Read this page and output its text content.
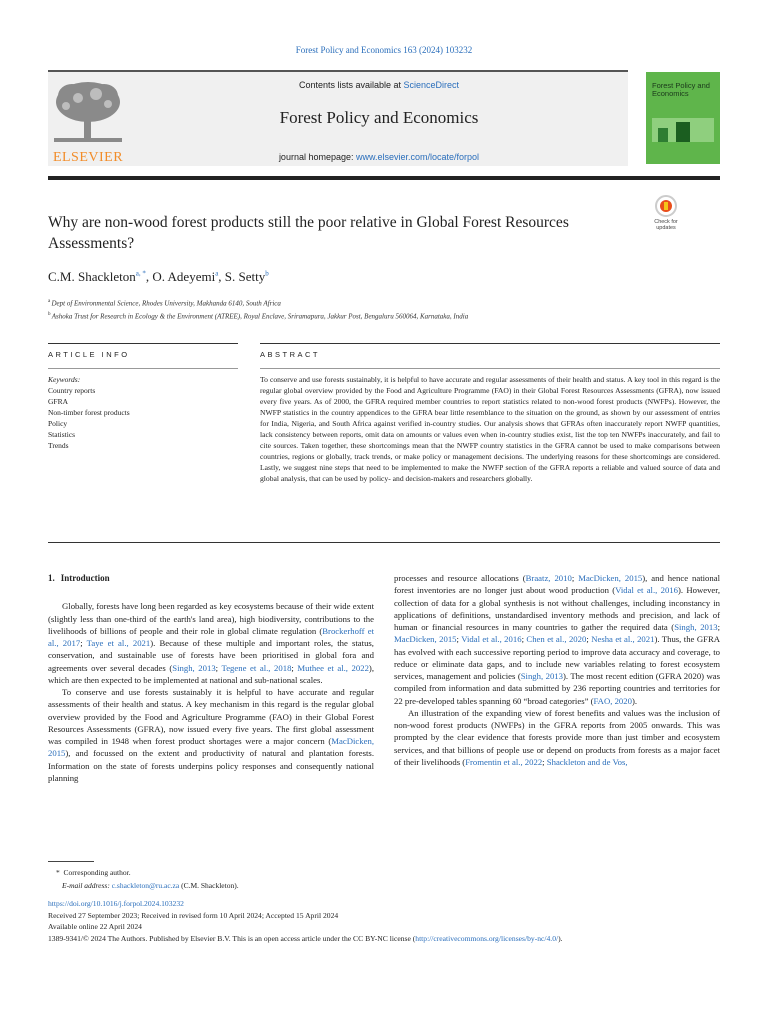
Forest Policy and Economics 163 (2024) 103232
ELSEVIER
Contents lists available at ScienceDirect
Forest Policy and Economics
journal homepage: www.elsevier.com/locate/forpol
Forest Policy and Economics
Why are non-wood forest products still the poor relative in Global Forest Resources Assessments?
Check for updates
C.M. Shackleton$^{a, *}$, O. Adeyemi$^a$, S. Setty$^b$
$^a$ Dept of Environmental Science, Rhodes University, Makhanda 6140, South Africa
$^b$ Ashoka Trust for Research in Ecology & the Environment (ATREE), Royal Enclave, Sriramapura, Jakkur Post, Bengaluru 560064, Karnataka, India
ARTICLE INFO	ABSTRACT
Keywords:
Country reports
GFRA
Non-timber forest products
Policy
Statistics
Trends
To conserve and use forests sustainably, it is helpful to have accurate and regular assessments of their health and status. A key tool in this regard is the regular global overview provided by the Food and Agriculture Programme (FAO) in their Global Forest Resources Assessments (GFRA), now issued every five years. As of 2000, the GFRA required member countries to report statistics related to non-wood forest products (NWFPs). However, the NWFP statistics in the country appendices to the GFRA bear little resemblance to the situation on the ground, as shown by our assessment of entries for India, Nigeria, and South Africa against verified in-country studies. Our analysis shows that GFRAs often inaccurately report NWFP quantities, lack consistency between reports, omit data on amounts or values even when in-country studies exist, list the top ten NWFPs inaccurately, and fail to cite sources. Taken together, these shortcomings mean that the NWFP country statistics in the GFRA cannot be used to make comparisons between countries, regions or globally, track trends, or make policy or management decisions. The underlying reasons for these shortcomings are considered. Lastly, we suggest nine steps that need to be implemented to make the NWFP section of the GFRA reports a reliable and valued source of data and global analysis, that can be used by policy- and decision-makers and researchers globally.
1. Introduction

Globally, forests have long been regarded as key ecosystems because of their wide extent (slightly less than one-third of the earth's land area), high biodiversity, contributions to the livelihoods of billions of people and their role in global climate regulation (Brockerhoff et al., 2017; Taye et al., 2021). Because of these multiple and important roles, the status, conservation, and sustainable use of forests have been prioritised in global fora and agreements over several decades (Singh, 2013; Tegene et al., 2018; Muthee et al., 2022), which are then expected to be implemented at national and sub-national scales.

To conserve and use forests sustainably it is helpful to have accurate and regular assessments of their health and status. A key mechanism in this regard is the regular global overview provided by the Food and Agriculture Programme (FAO) in their Global Forest Resources Assessments (GFRA), now issued every five years. The first global assessment was compiled in 1948 when forest product shortages were a major concern (MacDicken, 2015), and focussed on the extent and productivity of natural and plantation forests. Information on the state of forests underpins policy responses and consequently national planning

processes and resource allocations (Braatz, 2010; MacDicken, 2015), and hence national forest inventories are no longer just about wood production (Vidal et al., 2016). However, collection of data for a global synthesis is not without challenges, including inconstancy in applications of definitions, unstandardised inventory methods and precision, and lack of human or financial resources in many countries to gather the required data (Singh, 2013; MacDicken, 2015; Vidal et al., 2016; Chen et al., 2020; Nesha et al., 2021). Thus, the GFRA has evolved with each successive reporting period to improve data accuracy and coverage, to reduce or eliminate data gaps, and to include new variables relating to forest ecosystem services, management and policies (Singh, 2013). The most recent edition (GFRA 2020) was compiled from information and data submitted by 236 reporting countries and territories for 22 pre-developed tables spanning 60 “broad categories” (FAO, 2020).

An illustration of the expanding view of forest benefits and values was the inclusion of non-wood forest products (NWFPs) in the GFRA reports from 2005 onwards. This was prompted by the clear evidence that forests provide more than just timber and ecosystem services, and that billions of people use or depend on products from forests as a major facet of their livelihoods (Fromentin et al., 2022; Shackleton and de Vos,

*  Corresponding author.
E-mail address: c.shackleton@ru.ac.za (C.M. Shackleton).
https://doi.org/10.1016/j.forpol.2024.103232
Received 27 September 2023; Received in revised form 10 April 2024; Accepted 15 April 2024
Available online 22 April 2024
1389-9341/© 2024 The Authors. Published by Elsevier B.V. This is an open access article under the CC BY-NC license (http://creativecommons.org/licenses/by-nc/4.0/).
